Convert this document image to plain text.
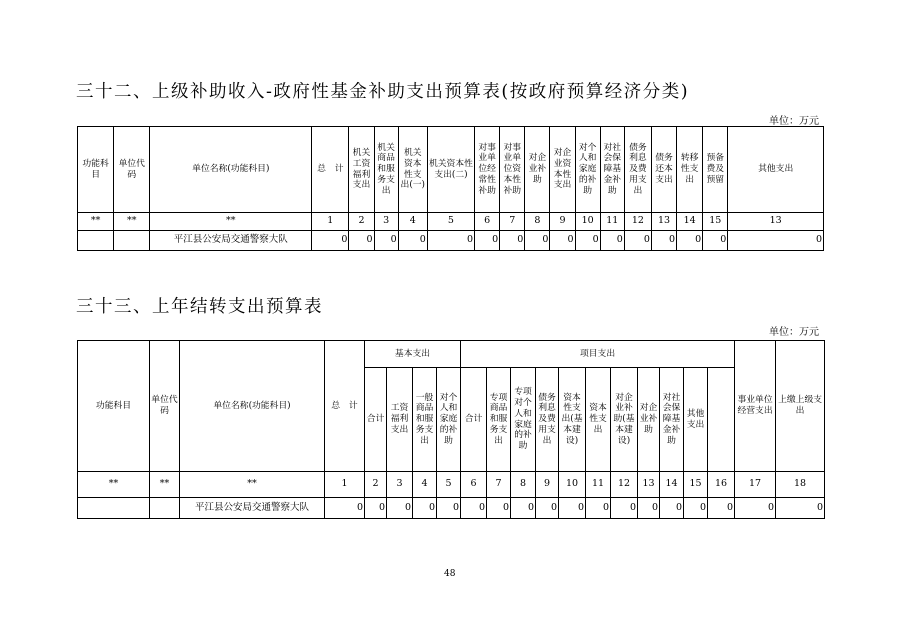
三十二、上级补助收入-政府性基金补助支出预算表(按政府预算经济分类)
单位：万元
功能科目	单位代码	单位名称(功能科目)	总　计	机关工资福利支出	机关商品和服务支出	机关资本性支出(一)	机关资本性支出(二)	对事业单位经常性补助	对事业单位资本性补助	对企业补助	对企业资本性支出	对个人和家庭的补助	对社会保障基金补助	债务利息及费用支出	债务还本支出	转移性支出	预备费及预留	其他支出
**	**	**	1	2	3	4	5	6	7	8	9	10	11	12	13	14	15	13
		平江县公安局交通警察大队	0	0	0	0	0	0	0	0	0	0	0	0	0	0	0	0
三十三、上年结转支出预算表
单位：万元
功能科目	单位代码	单位名称(功能科目)	总　计	基本支出				项目支出											事业单位经营支出	上缴上级支出	
				合计	工资福利支出	一般商品和服务支出	对个人和家庭的补助	合计	专项商品和服务支出	专项对个人和家庭的补助	债务利息及费用支出	资本性支出(基本建设)	资本性支出	对企业补助(基本建设)	对企业补助	对社会保障基金补助	其他支出				
**	**	**	1	2	3	4	5	6	7	8	9	10	11	12	13	14	15	16	17	18	
		平江县公安局交通警察大队	0	0	0	0	0	0	0	0	0	0	0	0	0	0	0	0	0	0	
48
